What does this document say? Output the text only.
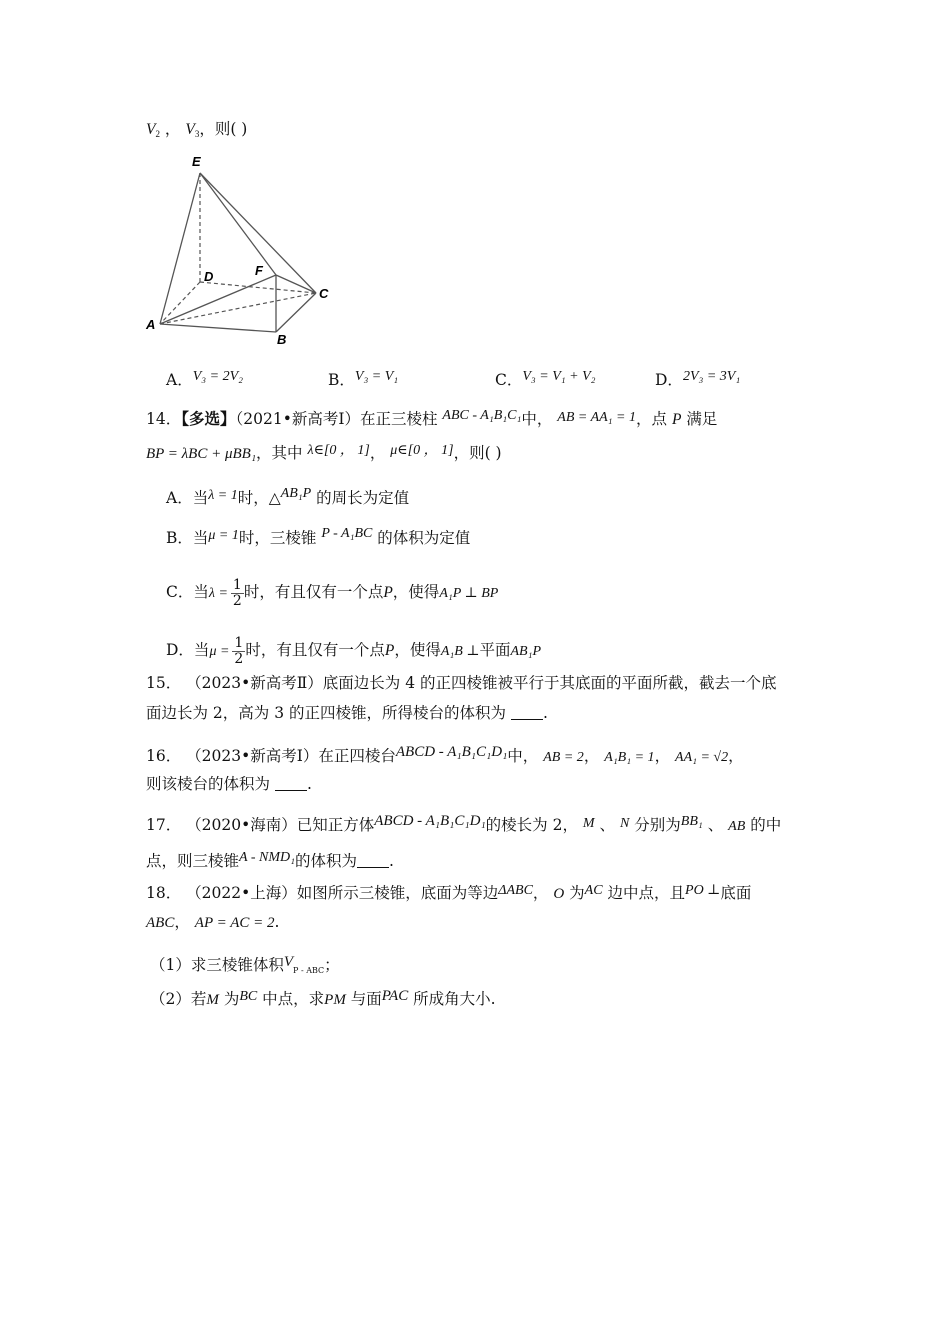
$V_2$ ， $V_3$，则( )
E
D	F
C
A
B
A．V₃ = 2V₂	B．V₃ = V₁	C．V₃ = V₁ + V₂	D．2V₃ = 3V₁
14．【多选】（2021•新高考Ⅰ）在正三棱柱 ABC - A₁B₁C₁中， AB = AA₁ = 1，点 P 满足
BP = λBC + μBB₁，其中 λ∈[0 ， 1]， μ∈[0 ， 1]，则( )
A．当λ = 1时，△AB₁P 的周长为定值
B．当μ = 1时，三棱锥 P - A₁BC 的体积为定值
C．当$\lambda = \frac{1}{2}$ 时，有且仅有一个点P，使得A₁P ⊥ BP
D．当$\mu = \frac{1}{2}$ 时，有且仅有一个点P，使得A₁B ⊥平面AB₁P
15． （2023•新高考Ⅱ）底面边长为 4 的正四棱锥被平行于其底面的平面所截，截去一个底
面边长为 2，高为 3 的正四棱锥，所得棱台的体积为 .
16． （2023•新高考Ⅰ）在正四棱台ABCD - A₁B₁C₁D₁中， AB = 2， A₁B₁ = 1， AA₁ = √2，
则该棱台的体积为 .
17． （2020•海南）已知正方体ABCD - A₁B₁C₁D₁的棱长为 2， M 、 N 分别为BB₁ 、 AB 的中
点，则三棱锥A - NMD₁的体积为 .
18． （2022•上海）如图所示三棱锥，底面为等边ΔABC， O 为AC 边中点，且PO ⊥底面
ABC， AP = AC = 2.
（1）求三棱锥体积$V_{P - ABC}$；
（2）若M 为BC 中点，求PM 与面PAC 所成角大小.
